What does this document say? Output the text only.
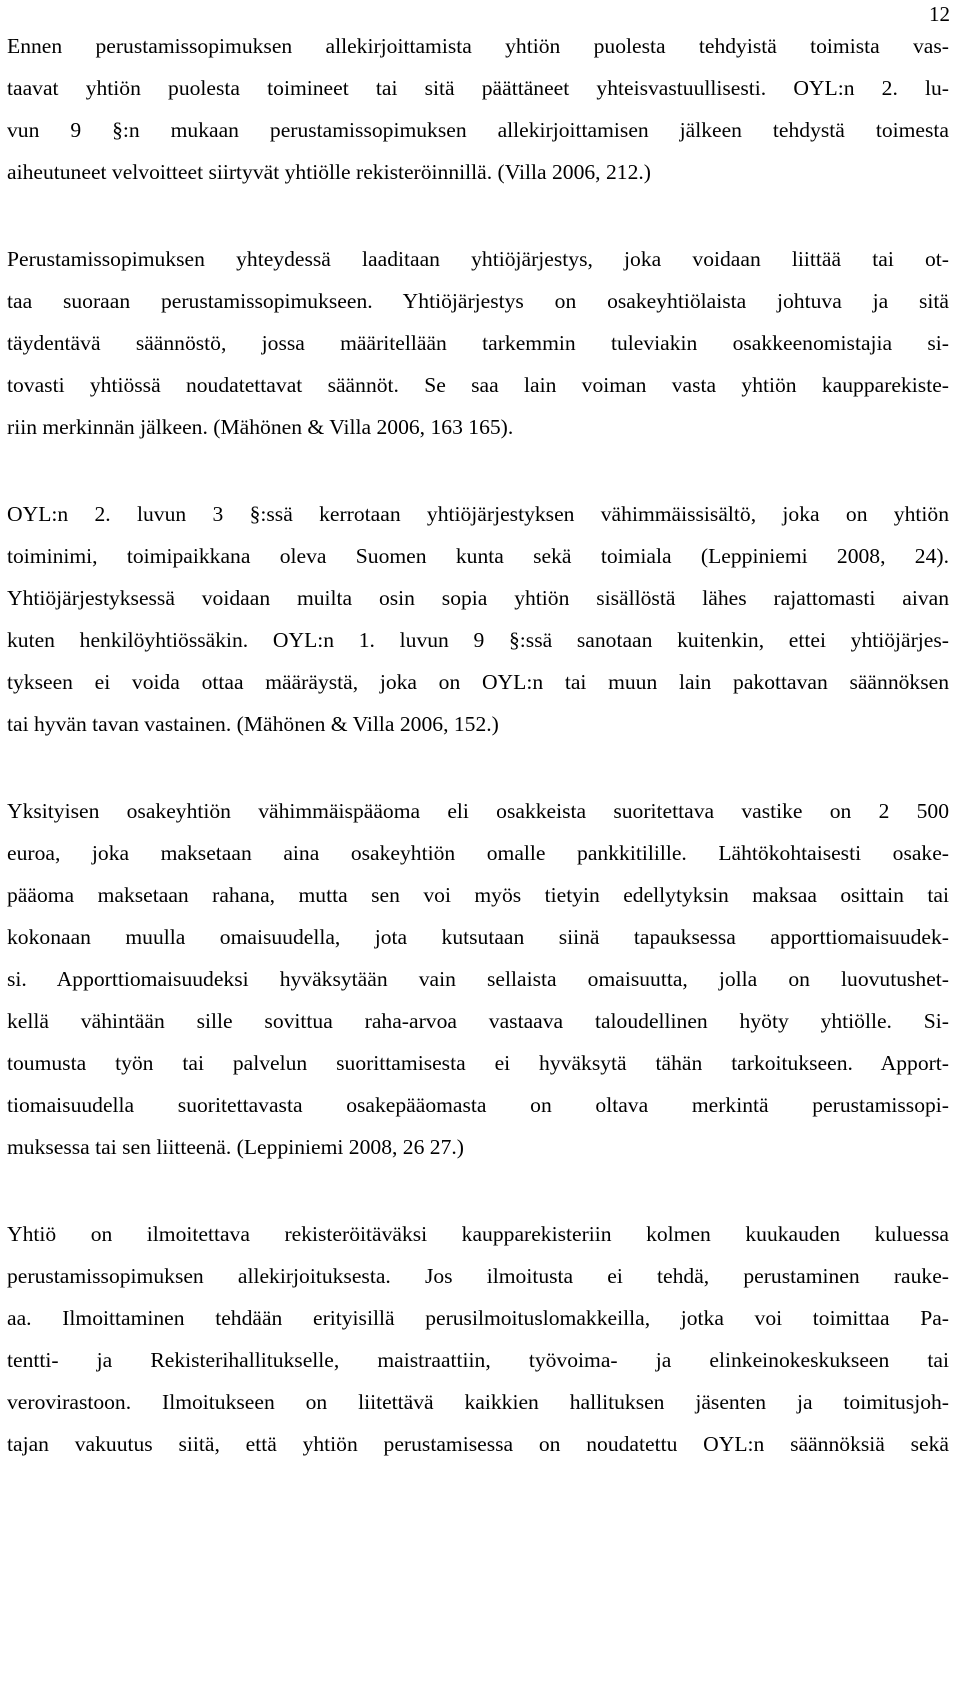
12
Ennen perustamissopimuksen allekirjoittamista yhtiön puolesta tehdyistä toimista vas-
taavat yhtiön puolesta toimineet tai sitä päättäneet yhteisvastuullisesti. OYL:n 2. lu-
vun 9 §:n mukaan perustamissopimuksen allekirjoittamisen jälkeen tehdystä toimesta
aiheutuneet velvoitteet siirtyvät yhtiölle rekisteröinnillä. (Villa 2006, 212.)
Perustamissopimuksen yhteydessä laaditaan yhtiöjärjestys, joka voidaan liittää tai ot-
taa suoraan perustamissopimukseen. Yhtiöjärjestys on osakeyhtiölaista johtuva ja sitä
täydentävä säännöstö, jossa määritellään tarkemmin tuleviakin osakkeenomistajia si-
tovasti yhtiössä noudatettavat säännöt. Se saa lain voiman vasta yhtiön kaupparekiste-
riin merkinnän jälkeen. (Mähönen & Villa 2006, 163 165).
OYL:n 2. luvun 3 §:ssä kerrotaan yhtiöjärjestyksen vähimmäissisältö, joka on yhtiön
toiminimi, toimipaikkana oleva Suomen kunta sekä toimiala (Leppiniemi 2008, 24).
Yhtiöjärjestyksessä voidaan muilta osin sopia yhtiön sisällöstä lähes rajattomasti aivan
kuten henkilöyhtiössäkin. OYL:n 1. luvun 9 §:ssä sanotaan kuitenkin, ettei yhtiöjärjes-
tykseen ei voida ottaa määräystä, joka on OYL:n tai muun lain pakottavan säännöksen
tai hyvän tavan vastainen. (Mähönen & Villa 2006, 152.)
Yksityisen osakeyhtiön vähimmäispääoma eli osakkeista suoritettava vastike on 2 500
euroa, joka maksetaan aina osakeyhtiön omalle pankkitilille. Lähtökohtaisesti osake-
pääoma maksetaan rahana, mutta sen voi myös tietyin edellytyksin maksaa osittain tai
kokonaan muulla omaisuudella, jota kutsutaan siinä tapauksessa apporttiomaisuudek-
si. Apporttiomaisuudeksi hyväksytään vain sellaista omaisuutta, jolla on luovutushet-
kellä vähintään sille sovittua raha-arvoa vastaava taloudellinen hyöty yhtiölle. Si-
toumusta työn tai palvelun suorittamisesta ei hyväksytä tähän tarkoitukseen. Apport-
tiomaisuudella suoritettavasta osakepääomasta on oltava merkintä perustamissopi-
muksessa tai sen liitteenä. (Leppiniemi 2008, 26 27.)
Yhtiö on ilmoitettava rekisteröitäväksi kaupparekisteriin kolmen kuukauden kuluessa
perustamissopimuksen allekirjoituksesta. Jos ilmoitusta ei tehdä, perustaminen rauke-
aa. Ilmoittaminen tehdään erityisillä perusilmoituslomakkeilla, jotka voi toimittaa Pa-
tentti- ja Rekisterihallitukselle, maistraattiin, työvoima- ja elinkeinokeskukseen tai
verovirastoon. Ilmoitukseen on liitettävä kaikkien hallituksen jäsenten ja toimitusjoh-
tajan vakuutus siitä, että yhtiön perustamisessa on noudatettu OYL:n säännöksiä sekä
